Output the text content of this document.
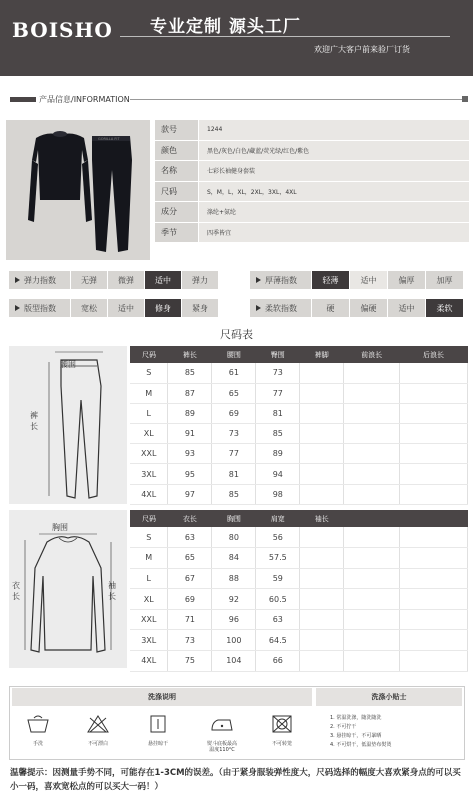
BOISHO 专业定制 源头工厂
欢迎广大客户前来验厂订货
产品信息/INFORMATION
GORILLA FIT
款号	1244
颜色	黑色/灰色/白色/藏蓝/荧光绿/红色/紫色
名称	七彩长袖健身套装
尺码	S，M，L，XL，2XL，3XL，4XL
成分	涤纶+氨纶
季节	四季皆宜
弹力指数	无弹	微弹	适中	弹力	厚薄指数	轻薄	适中	偏厚	加厚
版型指数	宽松	适中	修身	紧身	柔软指数	硬	偏硬	适中	柔软
尺码表
腰围
裤长
尺码	裤长	腰围	臀围	裤脚	前浪长	后浪长
S	85	61	73			
M	87	65	77			
L	89	69	81			
XL	91	73	85			
XXL	93	77	89			
3XL	95	81	94			
4XL	97	85	98			
胸围
衣长
袖长
尺码	衣长	胸围	肩宽	袖长		
S	63	80	56			
M	65	84	57.5			
L	67	88	59			
XL	69	92	60.5			
XXL	71	96	63			
3XL	73	100	64.5			
4XL	75	104	66			
洗涤说明	洗涤小贴士
手洗	不可漂白	悬挂晾干	熨斗底板最高
温度110°C
不可转笼
1. 常温洗涤，随洗随洗
2. 不可拧干
3. 悬挂晾干，不可暴晒
4. 不可烘干，低温垫布熨烫
温馨提示：因测量手势不同，可能存在1-3CM的误差。（由于紧身服装弹性度大，尺码选择的幅度大喜欢紧身点的可以买小一码，喜欢宽松点的可以买大一码！）
